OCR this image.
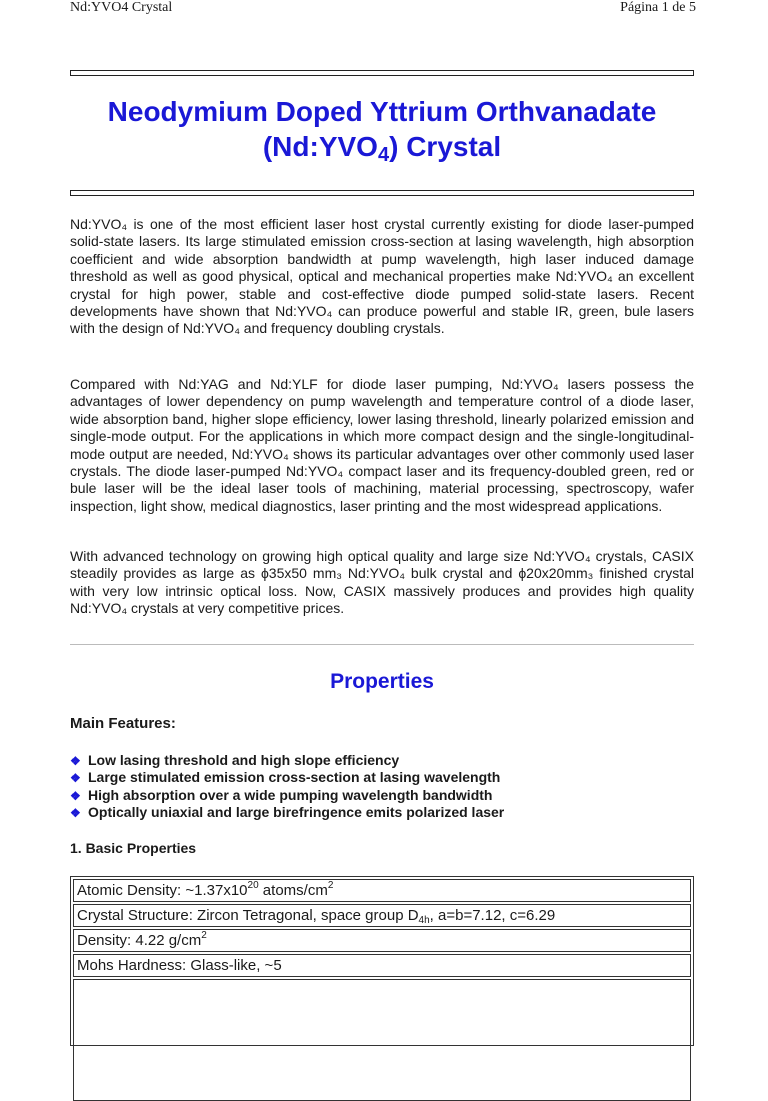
Nd:YVO4 Crystal	Página 1 de 5
Neodymium Doped Yttrium Orthvanadate
$(Nd:YVO_4)$ Crystal

Nd:YVO₄ is one of the most efficient laser host crystal currently existing for diode laser-pumped solid-state lasers. Its large stimulated emission cross-section at lasing wavelength, high absorption coefficient and wide absorption bandwidth at pump wavelength, high laser induced damage threshold as well as good physical, optical and mechanical properties make Nd:YVO₄ an excellent crystal for high power, stable and cost-effective diode pumped solid-state lasers. Recent developments have shown that Nd:YVO₄ can produce powerful and stable IR, green, bule lasers with the design of Nd:YVO₄ and frequency doubling crystals.

Compared with Nd:YAG and Nd:YLF for diode laser pumping, Nd:YVO₄ lasers possess the advantages of lower dependency on pump wavelength and temperature control of a diode laser, wide absorption band, higher slope efficiency, lower lasing threshold, linearly polarized emission and single-mode output. For the applications in which more compact design and the single-longitudinal-mode output are needed, Nd:YVO₄ shows its particular advantages over other commonly used laser crystals. The diode laser-pumped Nd:YVO₄ compact laser and its frequency-doubled green, red or bule laser will be the ideal laser tools of machining, material processing, spectroscopy, wafer inspection, light show, medical diagnostics, laser printing and the most widespread applications.

With advanced technology on growing high optical quality and large size Nd:YVO₄ crystals, CASIX steadily provides as large as ϕ35x50 mm₃ Nd:YVO₄ bulk crystal and ϕ20x20mm₃ finished crystal with very low intrinsic optical loss. Now, CASIX massively produces and provides high quality Nd:YVO₄ crystals at very competitive prices.

Properties
Main Features:
❖ Low lasing threshold and high slope efficiency
❖ Large stimulated emission cross-section at lasing wavelength
❖ High absorption over a wide pumping wavelength bandwidth
❖ Optically uniaxial and large birefringence emits polarized laser
1. Basic Properties
Atomic Density: $\sim 1.37x10^{20}$ atoms/$cm^2$
Crystal Structure: Zircon Tetragonal, space group $D_{4h}$, a=b=7.12, c=6.29
Density: 4.22 $g/cm^2$
Mohs Hardness: Glass-like, ~5
